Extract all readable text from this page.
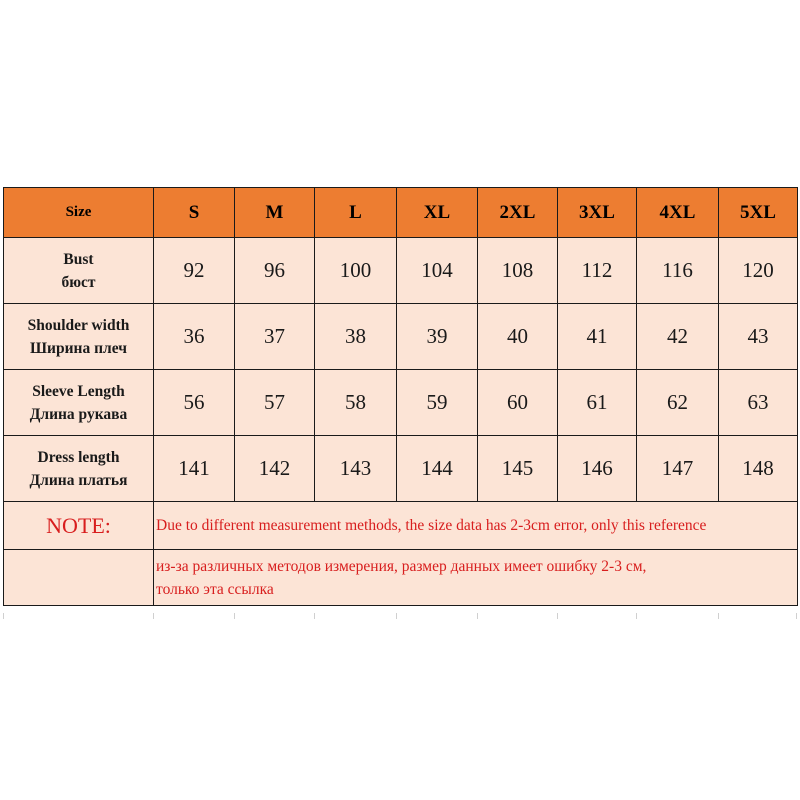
Size	S	M	L	XL	2XL	3XL	4XL	5XL

Bust
бюст	92	96	100	104	108	112	116	120

Shoulder width
Ширина плеч	36	37	38	39	40	41	42	43

Sleeve Length
Длина рукава	56	57	58	59	60	61	62	63

Dress length
Длина платья	141	142	143	144	145	146	147	148
NOTE:	Due to different measurement methods, the size data has 2-3cm error, only this reference							

	из-за различных методов измерения, размер данных имеет ошибку 2-3 см,
только эта ссылка							
